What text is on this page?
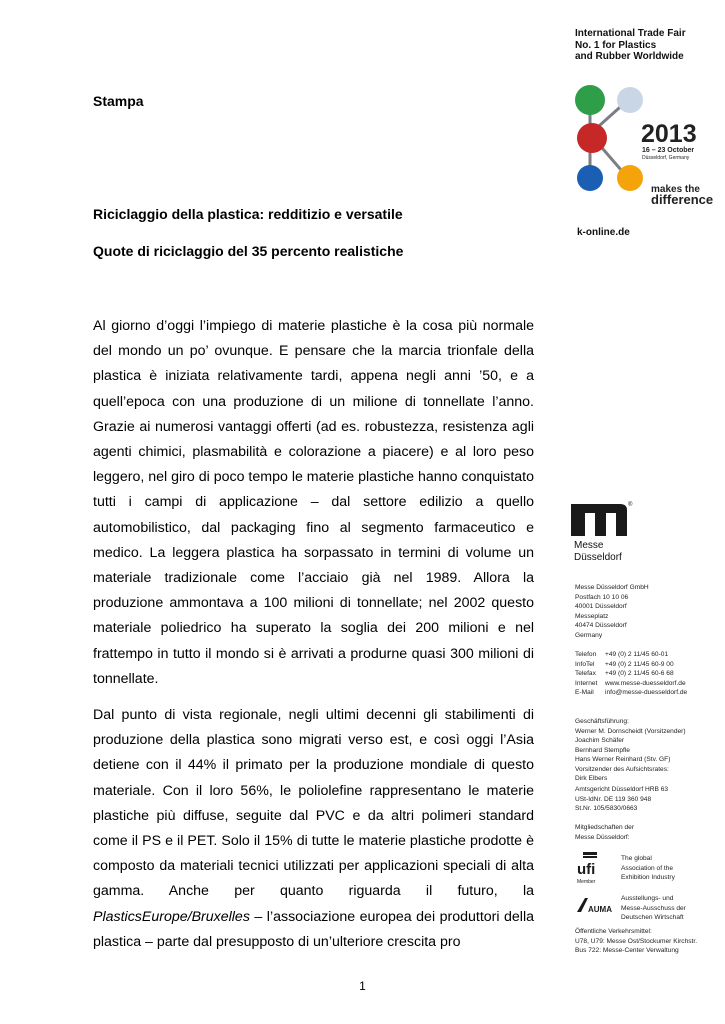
Stampa

Riciclaggio della plastica: redditizio e versatile

Quote di riciclaggio del 35 percento realistiche

Al giorno d’oggi l’impiego di materie plastiche è la cosa più normale del mondo un po’ ovunque. E pensare che la marcia trionfale della plastica è iniziata relativamente tardi, appena negli anni ’50, e a quell’epoca con una produzione di un milione di tonnellate l’anno. Grazie ai numerosi vantaggi offerti (ad es. robustezza, resistenza agli agenti chimici, plasmabilità e colorazione a piacere) e al loro peso leggero, nel giro di poco tempo le materie plastiche hanno conquistato tutti i campi di applicazione – dal settore edilizio a quello automobilistico, dal packaging fino al segmento farmaceutico e medico. La leggera plastica ha sorpassato in termini di volume un materiale tradizionale come l’acciaio già nel 1989. Allora la produzione ammontava a 100 milioni di tonnellate; nel 2002 questo materiale poliedrico ha superato la soglia dei 200 milioni e nel frattempo in tutto il mondo si è arrivati a produrne quasi 300 milioni di tonnellate.

Dal punto di vista regionale, negli ultimi decenni gli stabilimenti di produzione della plastica sono migrati verso est, e così oggi l’Asia detiene con il 44% il primato per la produzione mondiale di questo materiale. Con il loro 56%, le poliolefine rappresentano le materie plastiche più diffuse, seguite dal PVC e da altri polimeri standard come il PS e il PET. Solo il 15% di tutte le materie plastiche prodotte è composto da materiali tecnici utilizzati per applicazioni speciali di alta gamma. Anche per quanto riguarda il futuro, la PlasticsEurope/Bruxelles – l’associazione europea dei produttori della plastica – parte dal presupposto di un’ulteriore crescita pro

1
International Trade Fair
No. 1 for Plastics
and Rubber Worldwide
2013
16 – 23 October
Düsseldorf, Germany
makes the
difference
k-online.de
®
Messe
Düsseldorf
Messe Düsseldorf GmbH
Postfach 10 10 06
40001 Düsseldorf
Messeplatz
40474 Düsseldorf
Germany
Telefon +49 (0) 2 11/45 60-01
InfoTel +49 (0) 2 11/45 60-9 00
Telefax +49 (0) 2 11/45 60-6 68
Internet www.messe-duesseldorf.de
E-Mail info@messe-duesseldorf.de
Geschäftsführung:
Werner M. Dornscheidt (Vorsitzender)
Joachim Schäfer
Bernhard Stempfle
Hans Werner Reinhard (Stv. GF)
Vorsitzender des Aufsichtsrates:
Dirk Elbers
Amtsgericht Düsseldorf HRB 63
USt-IdNr. DE 119 360 948
St.Nr. 105/5830/0663
Mitgliedschaften der
Messe Düsseldorf:
ufi
Member
The global
Association of the
Exhibition Industry
AUMA
Ausstellungs- und
Messe-Ausschuss der
Deutschen Wirtschaft
Öffentliche Verkehrsmittel:
U78, U79: Messe Ost/Stockumer Kirchstr.
Bus 722: Messe-Center Verwaltung
